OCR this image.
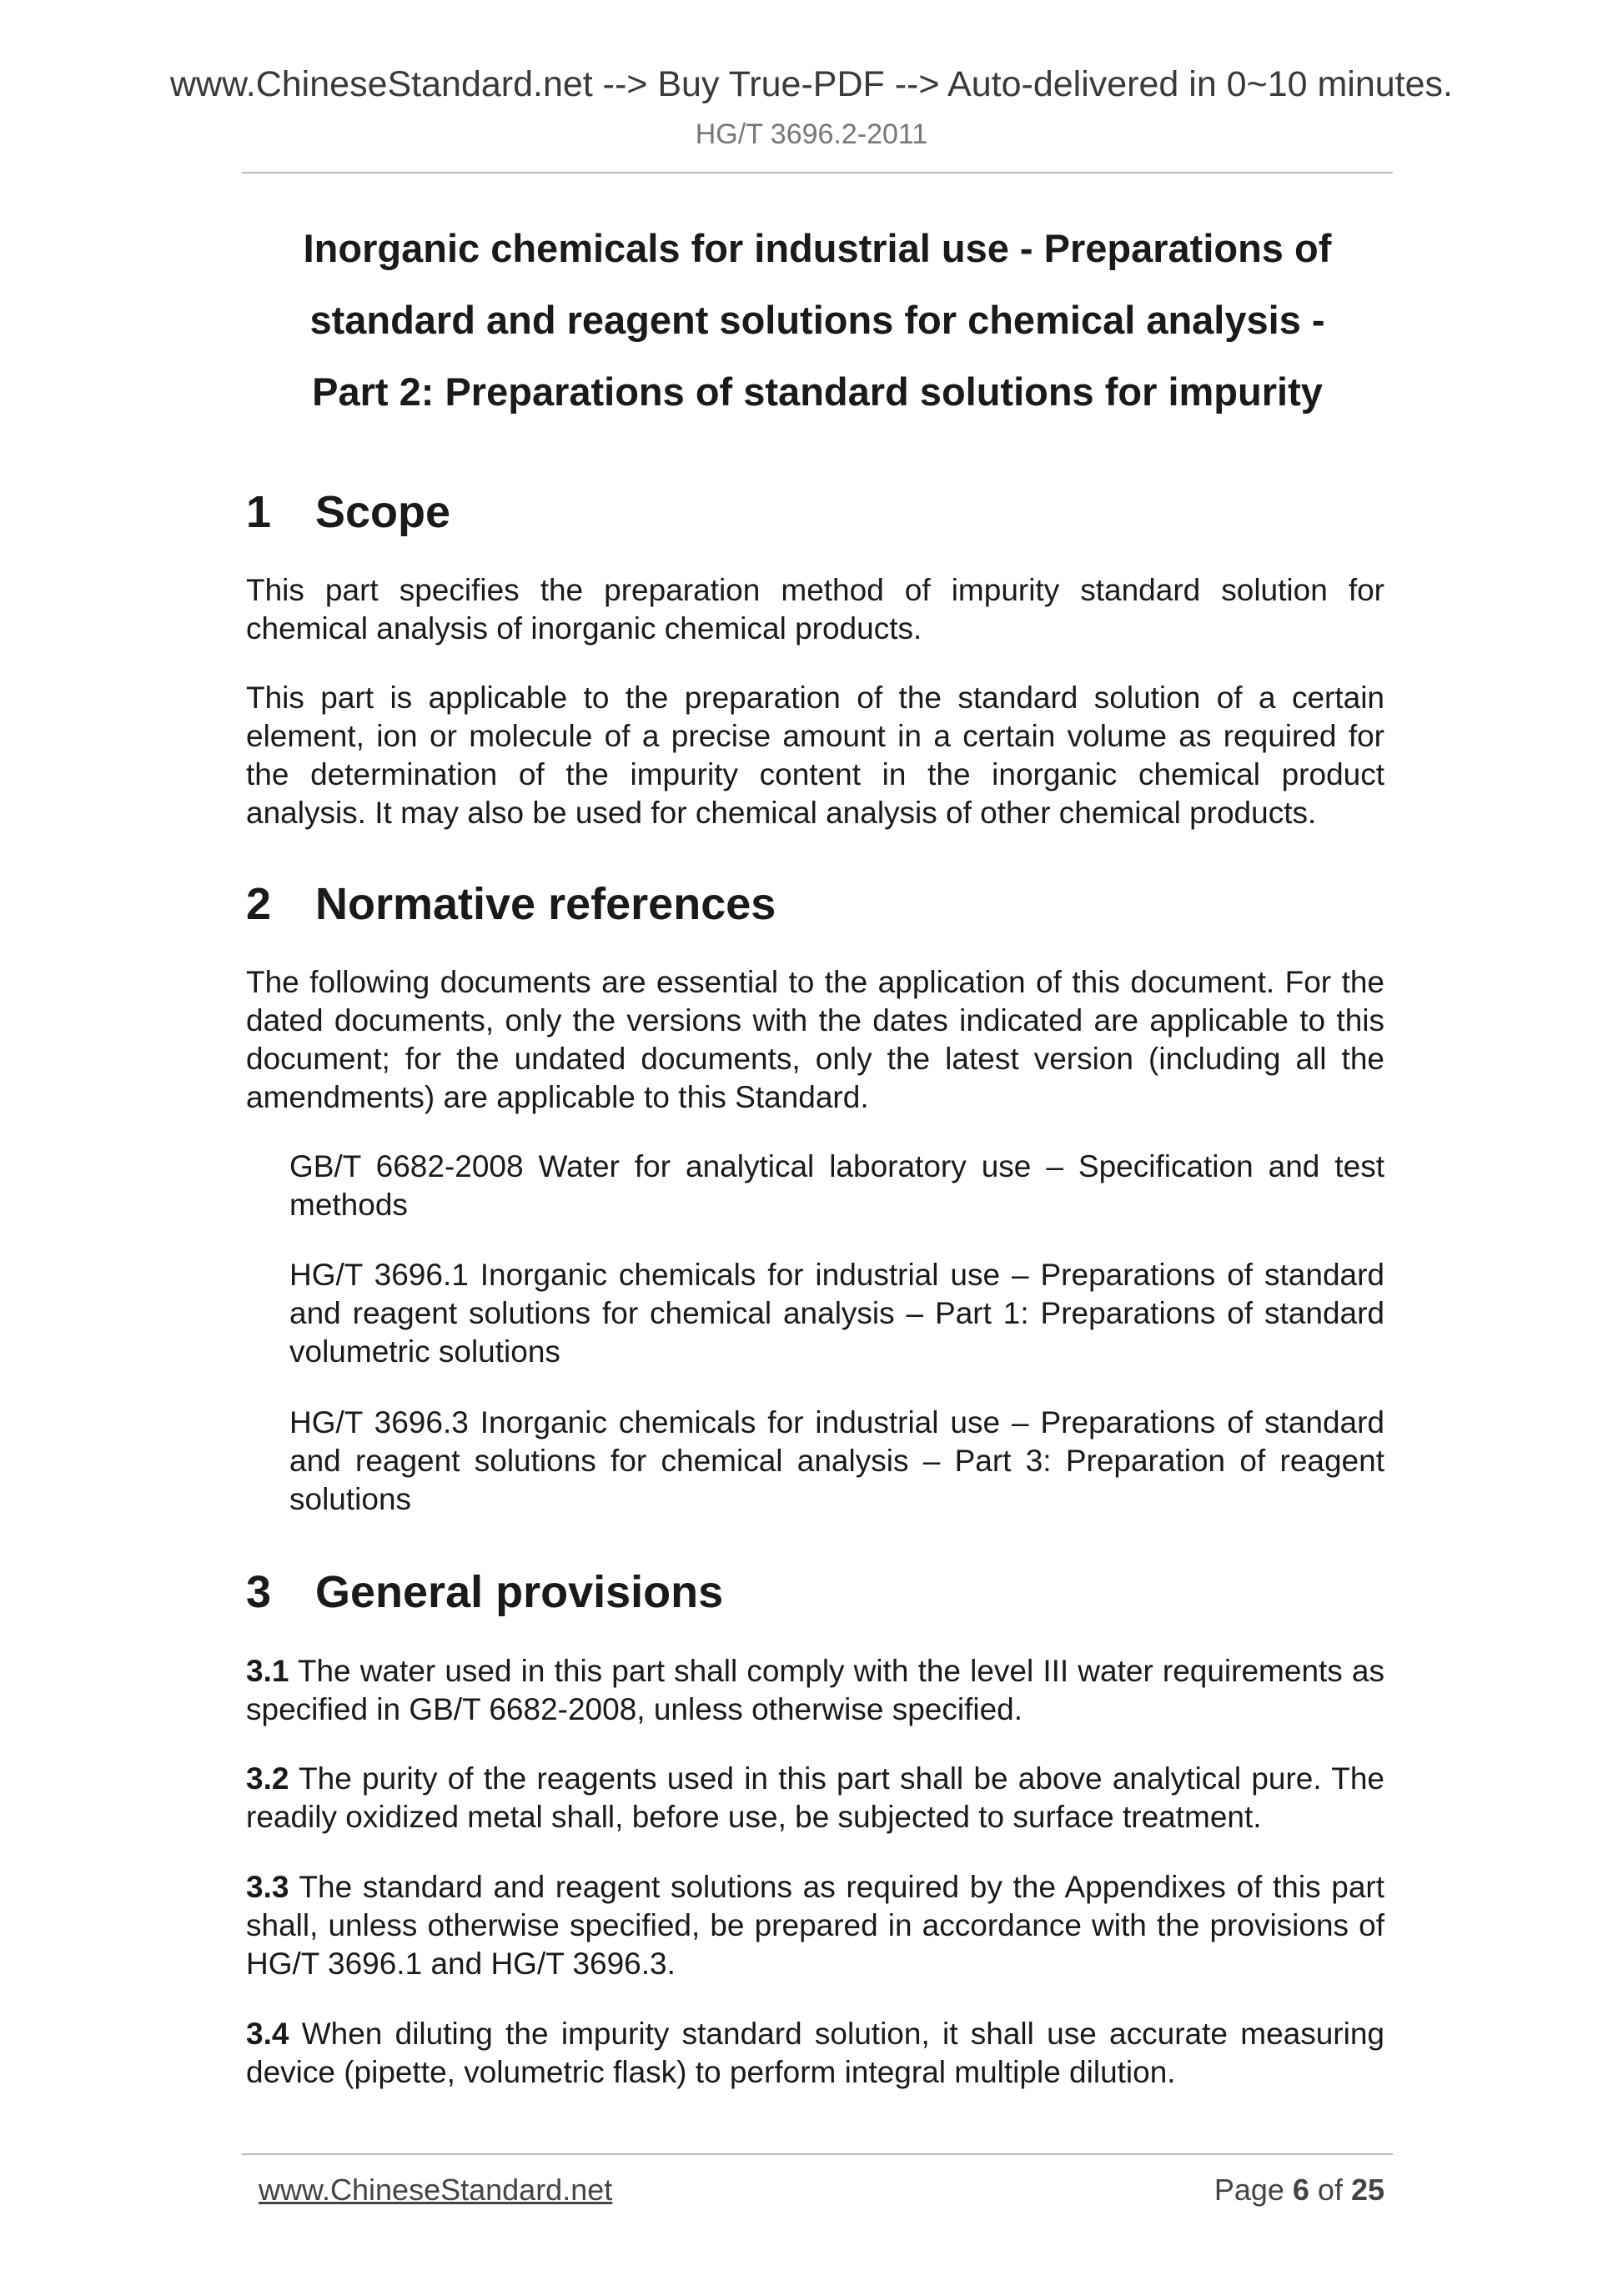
www.ChineseStandard.net --> Buy True-PDF --> Auto-delivered in 0~10 minutes.
HG/T 3696.2-2011
Inorganic chemicals for industrial use - Preparations of
standard and reagent solutions for chemical analysis -
Part 2: Preparations of standard solutions for impurity
1 Scope
This part specifies the preparation method of impurity standard solution for chemical analysis of inorganic chemical products.
This part is applicable to the preparation of the standard solution of a certain element, ion or molecule of a precise amount in a certain volume as required for the determination of the impurity content in the inorganic chemical product analysis. It may also be used for chemical analysis of other chemical products.
2 Normative references
The following documents are essential to the application of this document. For the dated documents, only the versions with the dates indicated are applicable to this document; for the undated documents, only the latest version (including all the amendments) are applicable to this Standard.
GB/T 6682-2008 Water for analytical laboratory use – Specification and test methods
HG/T 3696.1 Inorganic chemicals for industrial use – Preparations of standard and reagent solutions for chemical analysis – Part 1: Preparations of standard volumetric solutions
HG/T 3696.3 Inorganic chemicals for industrial use – Preparations of standard and reagent solutions for chemical analysis – Part 3: Preparation of reagent solutions
3 General provisions
3.1 The water used in this part shall comply with the level III water requirements as specified in GB/T 6682-2008, unless otherwise specified.
3.2 The purity of the reagents used in this part shall be above analytical pure. The readily oxidized metal shall, before use, be subjected to surface treatment.
3.3 The standard and reagent solutions as required by the Appendixes of this part shall, unless otherwise specified, be prepared in accordance with the provisions of HG/T 3696.1 and HG/T 3696.3.
3.4 When diluting the impurity standard solution, it shall use accurate measuring device (pipette, volumetric flask) to perform integral multiple dilution.
www.ChineseStandard.net	Page 6 of 25
